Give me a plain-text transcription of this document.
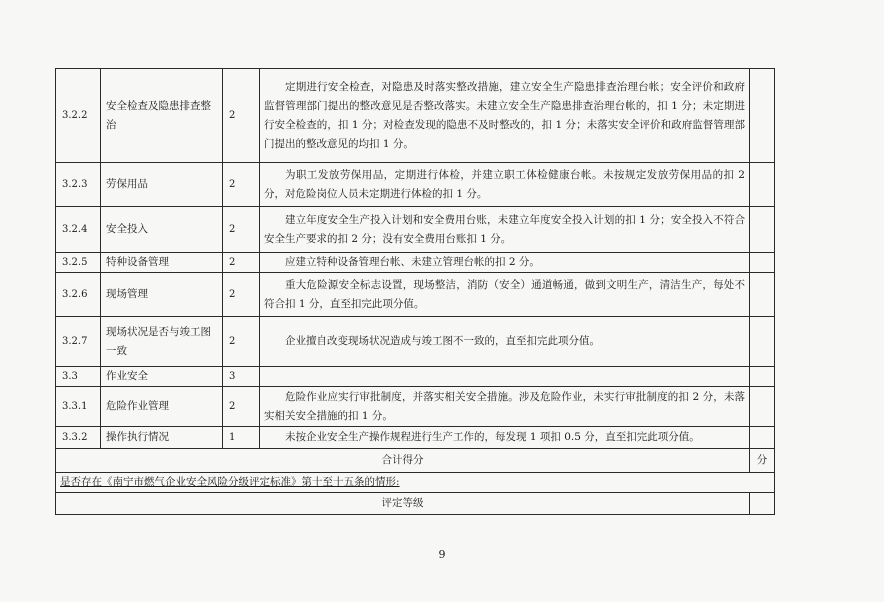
3.2.2	安全检查及隐患排查整治	2	定期进行安全检查，对隐患及时落实整改措施，建立安全生产隐患排查治理台帐；安全评价和政府监督管理部门提出的整改意见是否整改落实。未建立安全生产隐患排查治理台帐的，扣 1 分；未定期进行安全检查的，扣 1 分；对检查发现的隐患不及时整改的，扣 1 分；未落实安全评价和政府监督管理部门提出的整改意见的均扣 1 分。	
3.2.3	劳保用品	2	为职工发放劳保用品，定期进行体检，并建立职工体检健康台帐。未按规定发放劳保用品的扣 2 分，对危险岗位人员未定期进行体检的扣 1 分。	
3.2.4	安全投入	2	建立年度安全生产投入计划和安全费用台账，未建立年度安全投入计划的扣 1 分；安全投入不符合安全生产要求的扣 2 分；没有安全费用台账扣 1 分。	
3.2.5	特种设备管理	2	应建立特种设备管理台帐、未建立管理台帐的扣 2 分。	
3.2.6	现场管理	2	重大危险源安全标志设置，现场整洁，消防（安全）通道畅通，做到文明生产，清洁生产，每处不符合扣 1 分，直至扣完此项分值。	
3.2.7	现场状况是否与竣工图一致	2	企业擅自改变现场状况造成与竣工图不一致的，直至扣完此项分值。	
3.3	作业安全	3		
3.3.1	危险作业管理	2	危险作业应实行审批制度，并落实相关安全措施。涉及危险作业，未实行审批制度的扣 2 分，未落实相关安全措施的扣 1 分。	
3.3.2	操作执行情况	1	未按企业安全生产操作规程进行生产工作的，每发现 1 项扣 0.5 分，直至扣完此项分值。	
合计得分				分
是否存在《南宁市燃气企业安全风险分级评定标准》第十至十五条的情形:				
评定等级				
9
